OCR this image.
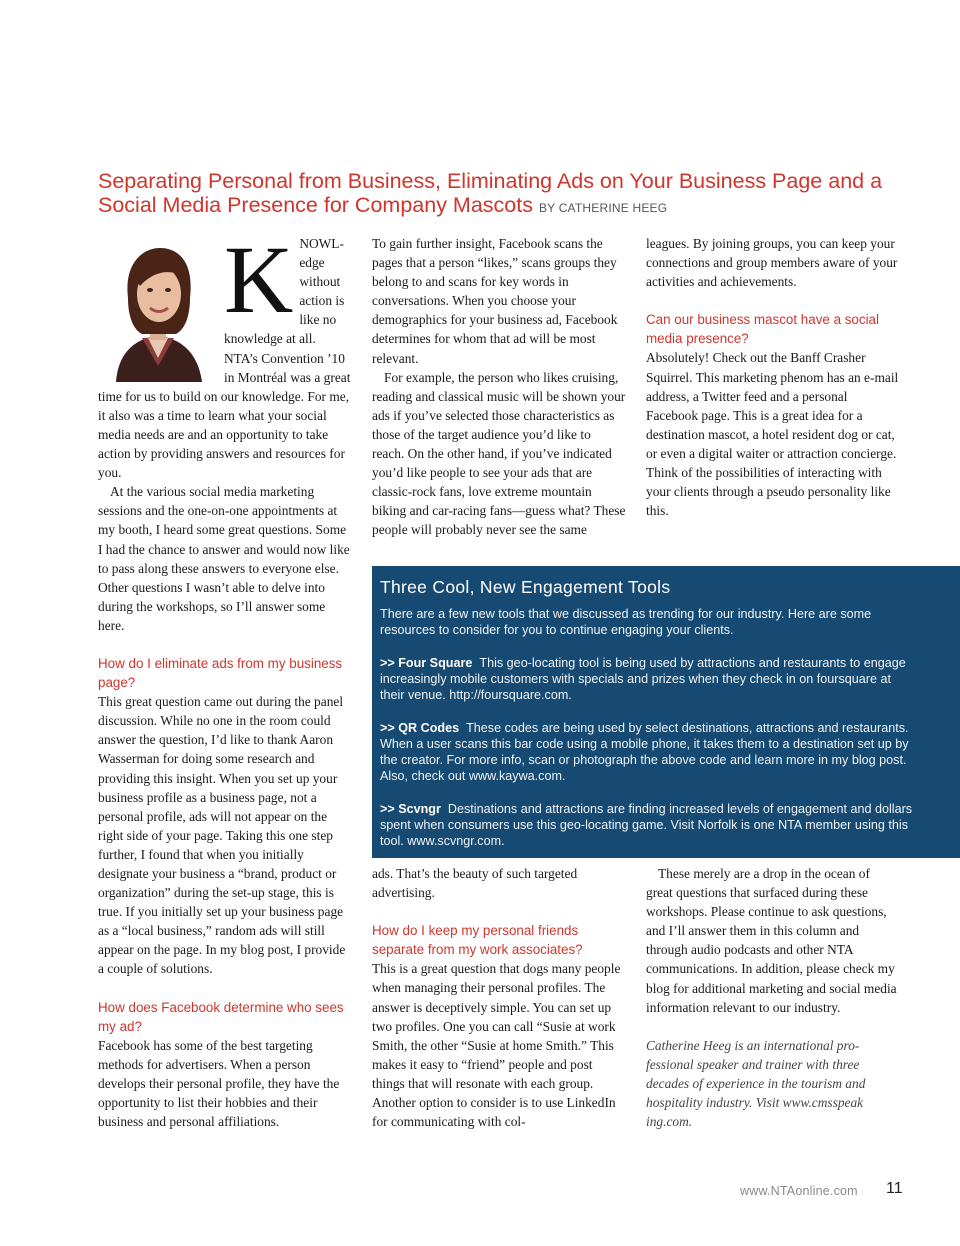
Separating Personal from Business, Eliminating Ads on Your Business Page and a Social Media Presence for Company Mascots BY CATHERINE HEEG
K NOWLedge without action is like no knowledge at all. NTA’s Convention ’10 in Montréal was a great time for us to build on our knowledge. For me, it also was a time to learn what your social media needs are and an opportunity to take action by providing answers and resources for you.

At the various social media marketing sessions and the one-on-one appointments at my booth, I heard some great questions. Some I had the chance to answer and would now like to pass along these answers to everyone else. Other questions I wasn’t able to delve into during the workshops, so I’ll answer some here.

How do I eliminate ads from my business page?

This great question came out during the panel discussion. While no one in the room could answer the question, I’d like to thank Aaron Wasserman for doing some research and providing this insight. When you set up your business profile as a business page, not a personal profile, ads will not appear on the right side of your page. Taking this one step further, I found that when you initially designate your business a “brand, product or organization” during the set-up stage, this is true. If you initially set up your business page as a “local business,” random ads will still appear on the page. In my blog post, I provide a couple of solutions.

How does Facebook determine who sees my ad?

Facebook has some of the best targeting methods for advertisers. When a person develops their personal profile, they have the opportunity to list their hobbies and their business and personal affiliations.

To gain further insight, Facebook scans the pages that a person “likes,” scans groups they belong to and scans for key words in conversations. When you choose your demographics for your business ad, Facebook determines for whom that ad will be most relevant.

For example, the person who likes cruising, reading and classical music will be shown your ads if you’ve selected those characteristics as those of the target audience you’d like to reach. On the other hand, if you’ve indicated you’d like people to see your ads that are classic-rock fans, love extreme mountain biking and car-racing fans—guess what? These people will probably never see the same

leagues. By joining groups, you can keep your connections and group members aware of your activities and achievements.

Can our business mascot have a social media presence?

Absolutely! Check out the Banff Crasher Squirrel. This marketing phenom has an e-mail address, a Twitter feed and a personal Facebook page. This is a great idea for a destination mascot, a hotel resident dog or cat, or even a digital waiter or attraction concierge. Think of the possibilities of interacting with your clients through a pseudo personality like this.

Three Cool, New Engagement Tools

There are a few new tools that we discussed as trending for our industry. Here are some resources to consider for you to continue engaging your clients.

>> Four Square This geo-locating tool is being used by attractions and restaurants to engage increasingly mobile customers with specials and prizes when they check in on foursquare at their venue. http://foursquare.com.

>> QR Codes These codes are being used by select destinations, attractions and restaurants. When a user scans this bar code using a mobile phone, it takes them to a destination set up by the creator. For more info, scan or photograph the above code and learn more in my blog post. Also, check out www.kaywa.com.

>> Scvngr Destinations and attractions are finding increased levels of engagement and dollars spent when consumers use this geo-locating game. Visit Norfolk is one NTA member using this tool. www.scvngr.com.

ads. That’s the beauty of such targeted advertising.

How do I keep my personal friends separate from my work associates?

This is a great question that dogs many people when managing their personal profiles. The answer is deceptively simple. You can set up two profiles. One you can call “Susie at work Smith, the other “Susie at home Smith.” This makes it easy to “friend” people and post things that will resonate with each group. Another option to consider is to use LinkedIn for communicating with col-

These merely are a drop in the ocean of great questions that surfaced during these workshops. Please continue to ask questions, and I’ll answer them in this column and through audio podcasts and other NTA communications. In addition, please check my blog for additional marketing and social media information relevant to our industry.

Catherine Heeg is an international professional speaker and trainer with three decades of experience in the tourism and hospitality industry. Visit www.cmsspeak ing.com.

www.NTAonline.com 11
